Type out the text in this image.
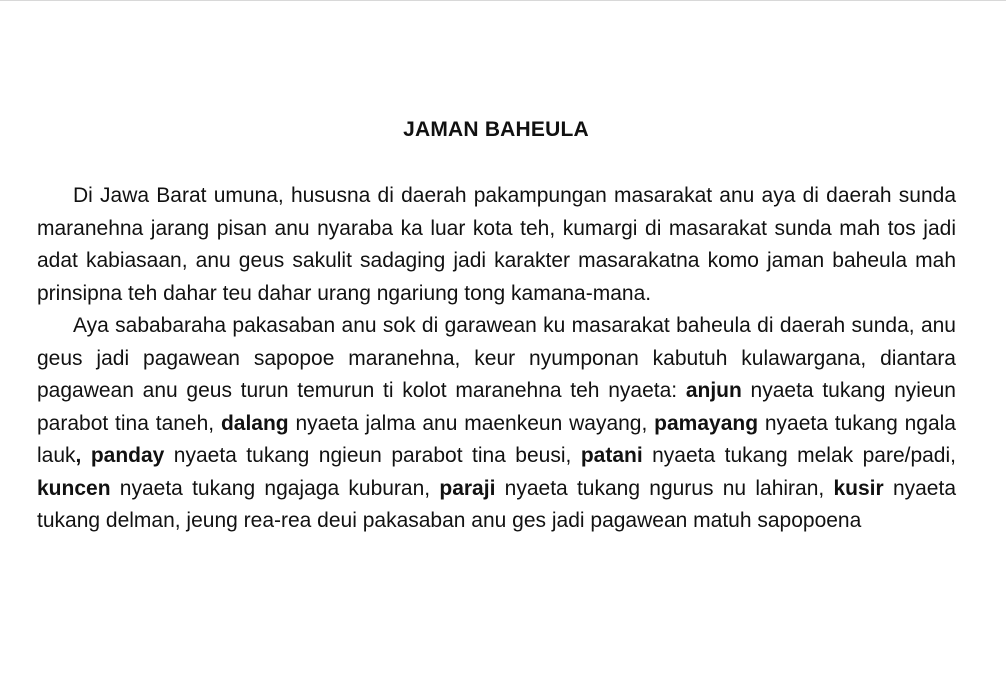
JAMAN BAHEULA

Di Jawa Barat umuna, hususna di daerah pakampungan masarakat anu aya di daerah sunda maranehna jarang pisan anu nyaraba ka luar kota teh, kumargi di masarakat sunda mah tos jadi adat kabiasaan, anu geus sakulit sadaging jadi karakter masarakatna komo jaman baheula mah prinsipna teh dahar teu dahar urang ngariung tong kamana-mana.

Aya sababaraha pakasaban anu sok di garawean ku masarakat baheula di daerah sunda, anu geus jadi pagawean sapopoe maranehna, keur nyumponan kabutuh kulawargana, diantara pagawean anu geus turun temurun ti kolot maranehna teh nyaeta: anjun nyaeta tukang nyieun parabot tina taneh, dalang nyaeta jalma anu maenkeun wayang, pamayang nyaeta tukang ngala lauk, panday nyaeta tukang ngieun parabot tina beusi, patani nyaeta tukang melak pare/padi, kuncen nyaeta tukang ngajaga kuburan, paraji nyaeta tukang ngurus nu lahiran, kusir nyaeta tukang delman, jeung rea-rea deui pakasaban anu ges jadi pagawean matuh sapopoena
